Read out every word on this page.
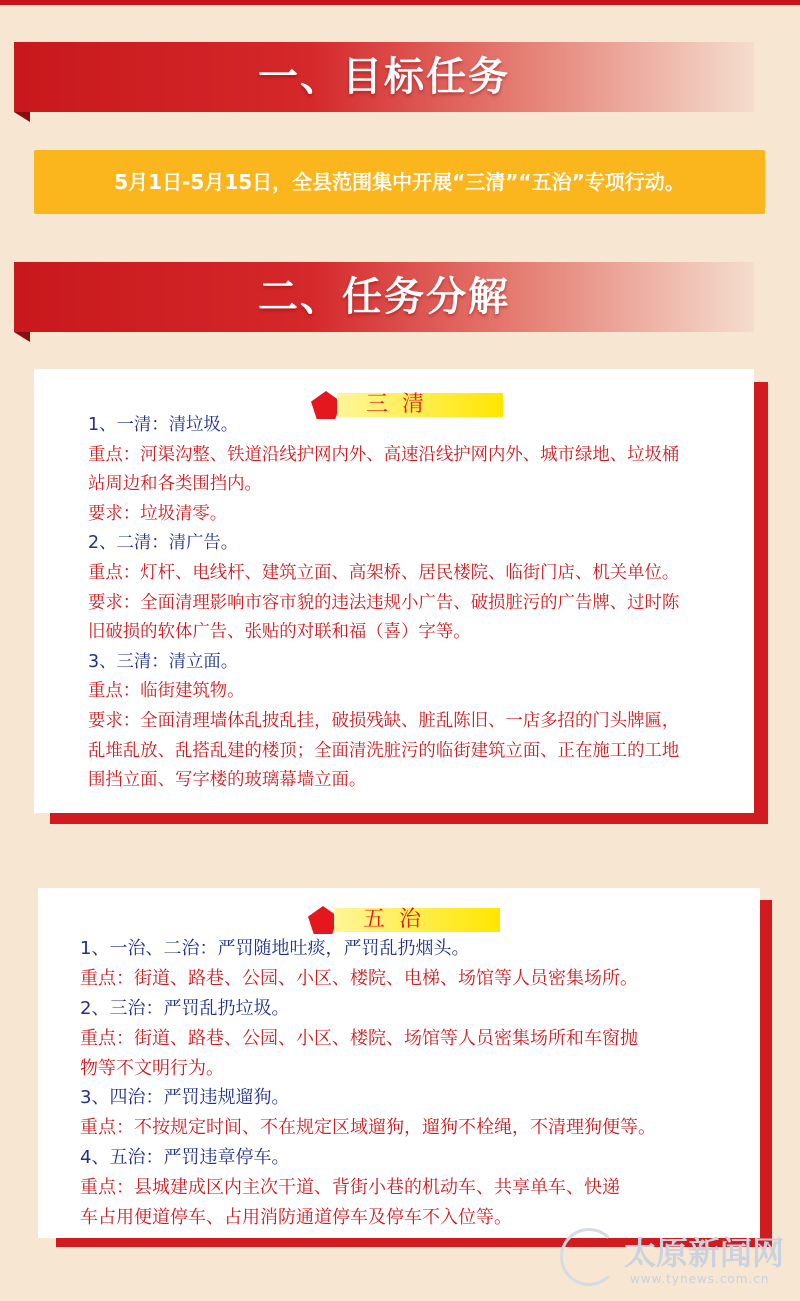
一、目标任务
5月1日-5月15日，全县范围集中开展“三清”“五治”专项行动。
二、任务分解
三清
1、一清：清垃圾。
重点：河渠沟整、铁道沿线护网内外、高速沿线护网内外、城市绿地、垃圾桶
站周边和各类围挡内。
要求：垃圾清零。
2、二清：清广告。
重点：灯杆、电线杆、建筑立面、高架桥、居民楼院、临街门店、机关单位。
要求：全面清理影响市容市貌的违法违规小广告、破损脏污的广告牌、过时陈
旧破损的软体广告、张贴的对联和福（喜）字等。
3、三清：清立面。
重点：临街建筑物。
要求：全面清理墙体乱披乱挂，破损残缺、脏乱陈旧、一店多招的门头牌匾，
乱堆乱放、乱搭乱建的楼顶；全面清洗脏污的临街建筑立面、正在施工的工地
围挡立面、写字楼的玻璃幕墙立面。
五治
1、一治、二治：严罚随地吐痰，严罚乱扔烟头。
重点：街道、路巷、公园、小区、楼院、电梯、场馆等人员密集场所。
2、三治：严罚乱扔垃圾。
重点：街道、路巷、公园、小区、楼院、场馆等人员密集场所和车窗抛
物等不文明行为。
3、四治：严罚违规遛狗。
重点：不按规定时间、不在规定区域遛狗，遛狗不栓绳，不清理狗便等。
4、五治：严罚违章停车。
重点：县城建成区内主次干道、背街小巷的机动车、共享单车、快递
车占用便道停车、占用消防通道停车及停车不入位等。
太原新闻网
www.tynews.com.cn
